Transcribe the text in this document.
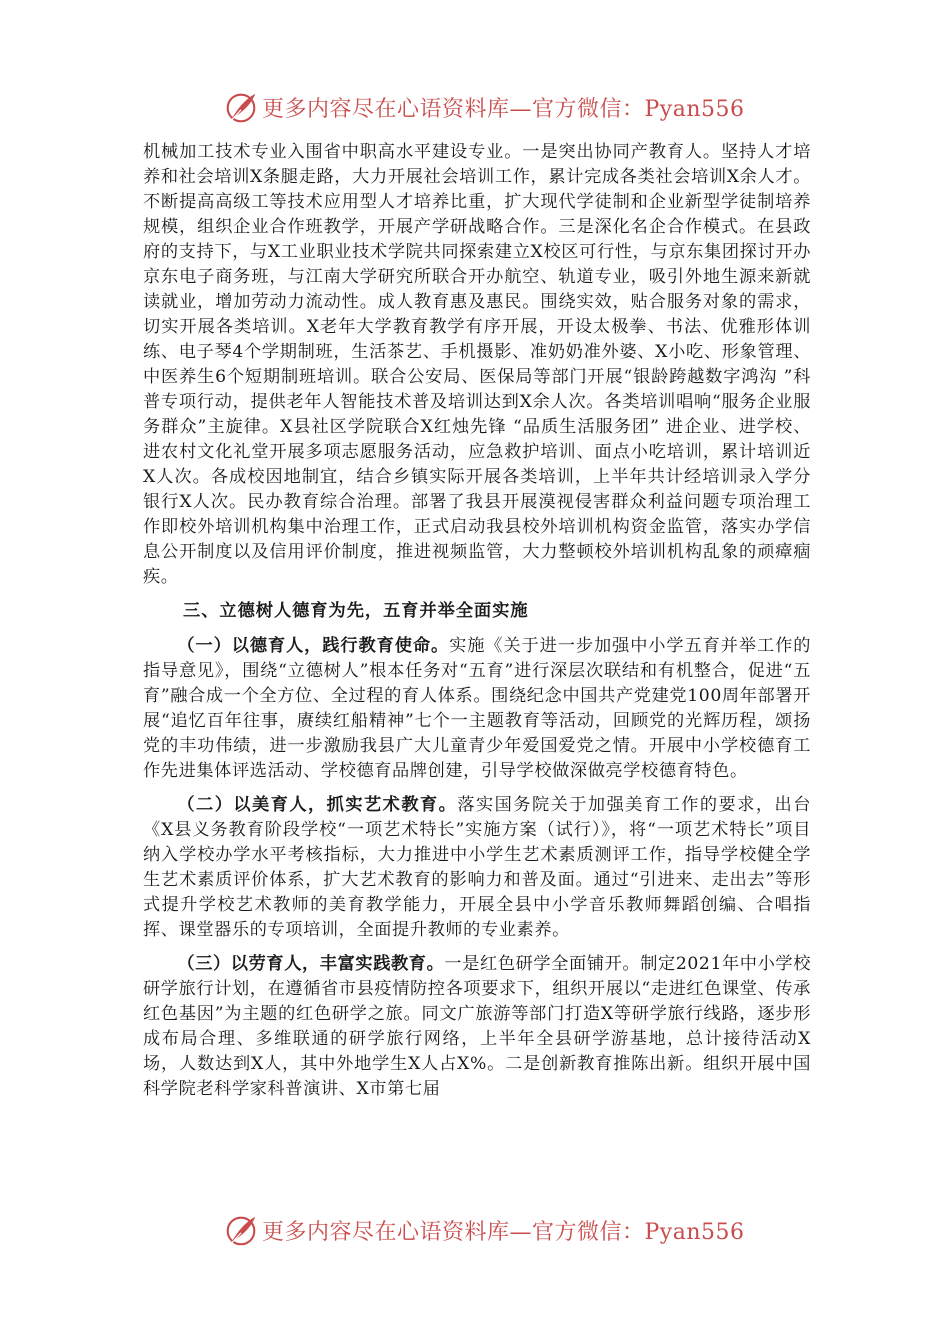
更多内容尽在心语资料库—官方微信：Pyan556

机械加工技术专业入围省中职高水平建设专业。一是突出协同产教育人。坚持人才培养和社会培训X条腿走路，大力开展社会培训工作，累计完成各类社会培训X余人才。不断提高高级工等技术应用型人才培养比重，扩大现代学徒制和企业新型学徒制培养规模，组织企业合作班教学，开展产学研战略合作。三是深化名企合作模式。在县政府的支持下，与X工业职业技术学院共同探索建立X校区可行性，与京东集团探讨开办京东电子商务班，与江南大学研究所联合开办航空、轨道专业，吸引外地生源来新就读就业，增加劳动力流动性。成人教育惠及惠民。围绕实效，贴合服务对象的需求，切实开展各类培训。X老年大学教育教学有序开展，开设太极拳、书法、优雅形体训练、电子琴4个学期制班，生活茶艺、手机摄影、准奶奶准外婆、X小吃、形象管理、中医养生6个短期制班培训。联合公安局、医保局等部门开展“银龄跨越数字鸿沟 ”科普专项行动，提供老年人智能技术普及培训达到X余人次。各类培训唱响“服务企业服务群众”主旋律。X县社区学院联合X红烛先锋 “品质生活服务团” 进企业、进学校、进农村文化礼堂开展多项志愿服务活动，应急救护培训、面点小吃培训，累计培训近X人次。各成校因地制宜，结合乡镇实际开展各类培训，上半年共计经培训录入学分银行X人次。民办教育综合治理。部署了我县开展漠视侵害群众利益问题专项治理工作即校外培训机构集中治理工作，正式启动我县校外培训机构资金监管，落实办学信息公开制度以及信用评价制度，推进视频监管，大力整顿校外培训机构乱象的顽瘴痼疾。

三、立德树人德育为先，五育并举全面实施

（一）以德育人，践行教育使命。实施《关于进一步加强中小学五育并举工作的指导意见》，围绕“立德树人”根本任务对“五育”进行深层次联结和有机整合，促进“五育”融合成一个全方位、全过程的育人体系。围绕纪念中国共产党建党100周年部署开展“追忆百年往事，赓续红船精神”七个一主题教育等活动，回顾党的光辉历程，颂扬党的丰功伟绩，进一步激励我县广大儿童青少年爱国爱党之情。开展中小学校德育工作先进集体评选活动、学校德育品牌创建，引导学校做深做亮学校德育特色。

（二）以美育人，抓实艺术教育。落实国务院关于加强美育工作的要求，出台《X县义务教育阶段学校“一项艺术特长”实施方案（试行）》，将“一项艺术特长”项目纳入学校办学水平考核指标，大力推进中小学生艺术素质测评工作，指导学校健全学生艺术素质评价体系，扩大艺术教育的影响力和普及面。通过“引进来、走出去”等形式提升学校艺术教师的美育教学能力，开展全县中小学音乐教师舞蹈创编、合唱指挥、课堂器乐的专项培训，全面提升教师的专业素养。

（三）以劳育人，丰富实践教育。一是红色研学全面铺开。制定2021年中小学校研学旅行计划，在遵循省市县疫情防控各项要求下，组织开展以“走进红色课堂、传承红色基因”为主题的红色研学之旅。同文广旅游等部门打造X等研学旅行线路，逐步形成布局合理、多维联通的研学旅行网络，上半年全县研学游基地，总计接待活动X场，人数达到X人，其中外地学生X人占X%。二是创新教育推陈出新。组织开展中国科学院老科学家科普演讲、X市第七届

更多内容尽在心语资料库—官方微信：Pyan556
